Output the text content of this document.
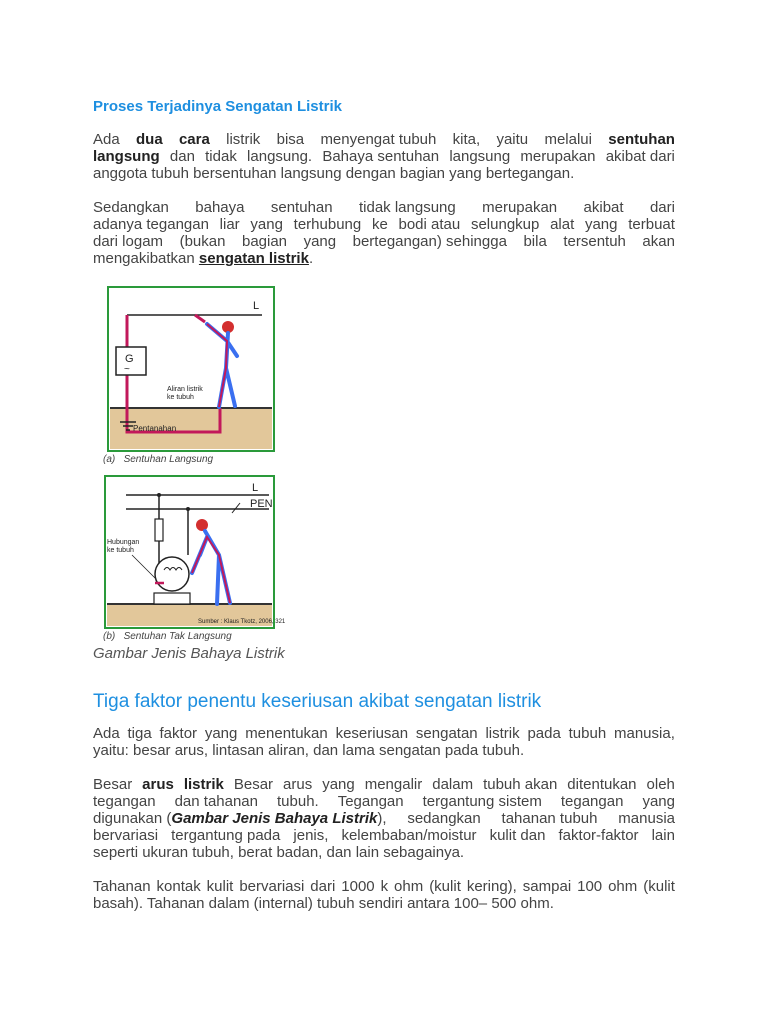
Proses Terjadinya Sengatan Listrik
Ada dua cara listrik bisa menyengat tubuh kita, yaitu melalui sentuhan
langsung dan tidak langsung. Bahaya sentuhan langsung merupakan akibat dari
anggota tubuh bersentuhan langsung dengan bagian yang bertegangan.
Sedangkan bahaya sentuhan tidak langsung merupakan akibat dari
adanya tegangan liar yang terhubung ke bodi atau selungkup alat yang terbuat
dari logam (bukan bagian yang bertegangan) sehingga bila tersentuh akan
mengakibatkan
sengatan listrik .
Gambar Jenis Bahaya Listrik
Tiga faktor penentu keseriusan akibat sengatan listrik
Ada tiga faktor yang menentukan keseriusan sengatan listrik pada tubuh manusia,
yaitu: besar arus, lintasan aliran, dan lama sengatan pada tubuh.
Besar arus listrik Besar arus yang mengalir dalam tubuh akan ditentukan oleh
tegangan dan tahanan tubuh. Tegangan tergantung sistem tegangan yang
digunakan (Gambar Jenis Bahaya Listrik), sedangkan tahanan tubuh manusia
bervariasi tergantung pada jenis, kelembaban/moistur kulit dan faktor-faktor lain
seperti ukuran tubuh, berat badan, dan lain sebagainya.
Tahanan kontak kulit bervariasi dari 1000 k ohm (kulit kering), sampai 100 ohm (kulit
basah). Tahanan dalam (internal) tubuh sendiri antara 100– 500 ohm.
L
G
~
Pentanahan
Aliran listrik
ke tubuh
(a) Sentuhan Langsung
L
PEN
Hubungan
ke tubuh
Sumber : Klaus Tkotz, 2006, 321
(b) Sentuhan Tak Langsung
